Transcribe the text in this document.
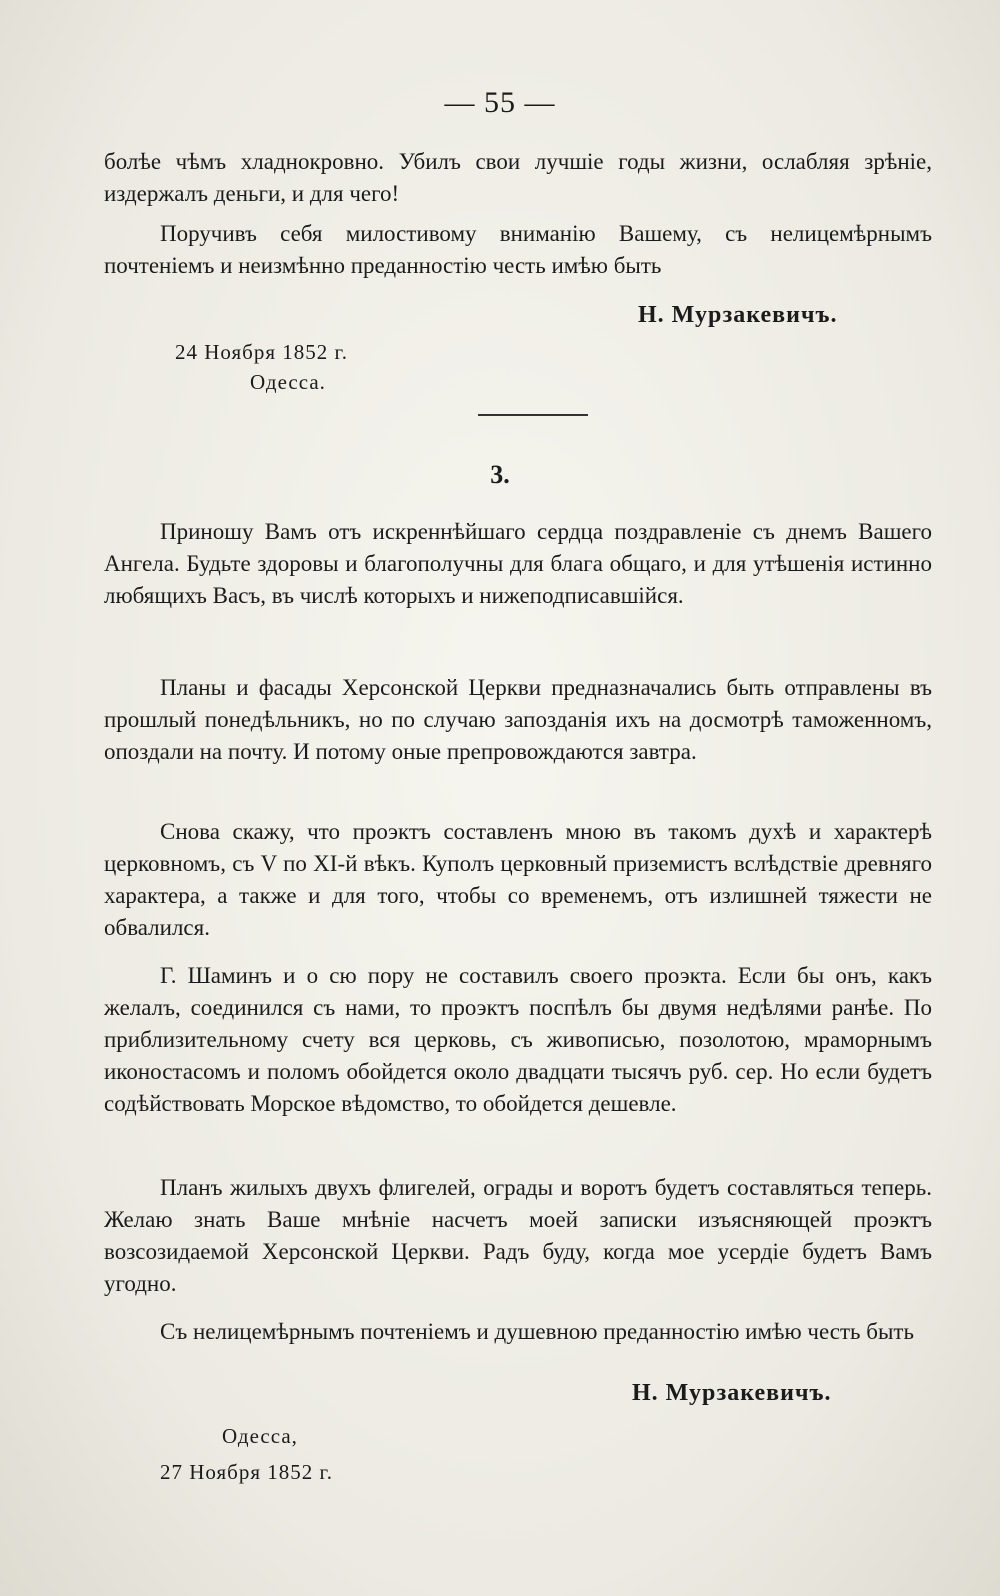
— 55 —

болѣе чѣмъ хладнокровно. Убилъ свои лучшіе годы жизни, ослабляя зрѣніе, издержалъ деньги, и для чего!

Поручивъ себя милостивому вниманію Вашему, съ нелицемѣрнымъ почтеніемъ и неизмѣнно преданностію честь имѣю быть

Н. Мурзакевичъ.
24 Ноября 1852 г.
Одесса.
3.

Приношу Вамъ отъ искреннѣйшаго сердца поздравленіе съ днемъ Вашего Ангела. Будьте здоровы и благополучны для блага общаго, и для утѣшенія истинно любящихъ Васъ, въ числѣ которыхъ и нижеподписавшійся.

Планы и фасады Херсонской Церкви предназначались быть отправлены въ прошлый понедѣльникъ, но по случаю запозданія ихъ на досмотрѣ таможенномъ, опоздали на почту. И потому оные препровождаются завтра.

Снова скажу, что проэктъ составленъ мною въ такомъ духѣ и характерѣ церковномъ, съ V по XI-й вѣкъ. Куполъ церковный приземистъ вслѣдствіе древняго характера, а также и для того, чтобы со временемъ, отъ излишней тяжести не обвалился.

Г. Шаминъ и о сю пору не составилъ своего проэкта. Если бы онъ, какъ желалъ, соединился съ нами, то проэктъ поспѣлъ бы двумя недѣлями ранѣе. По приблизительному счету вся церковь, съ живописью, позолотою, мраморнымъ иконостасомъ и поломъ обойдется около двадцати тысячъ руб. сер. Но если будетъ содѣйствовать Морское вѣдомство, то обойдется дешевле.

Планъ жилыхъ двухъ флигелей, ограды и воротъ будетъ составляться теперь. Желаю знать Ваше мнѣніе насчетъ моей записки изъясняющей проэктъ возсозидаемой Херсонской Церкви. Радъ буду, когда мое усердіе будетъ Вамъ угодно.

Съ нелицемѣрнымъ почтеніемъ и душевною преданностію имѣю честь быть

Н. Мурзакевичъ.
Одесса,
27 Ноября 1852 г.
